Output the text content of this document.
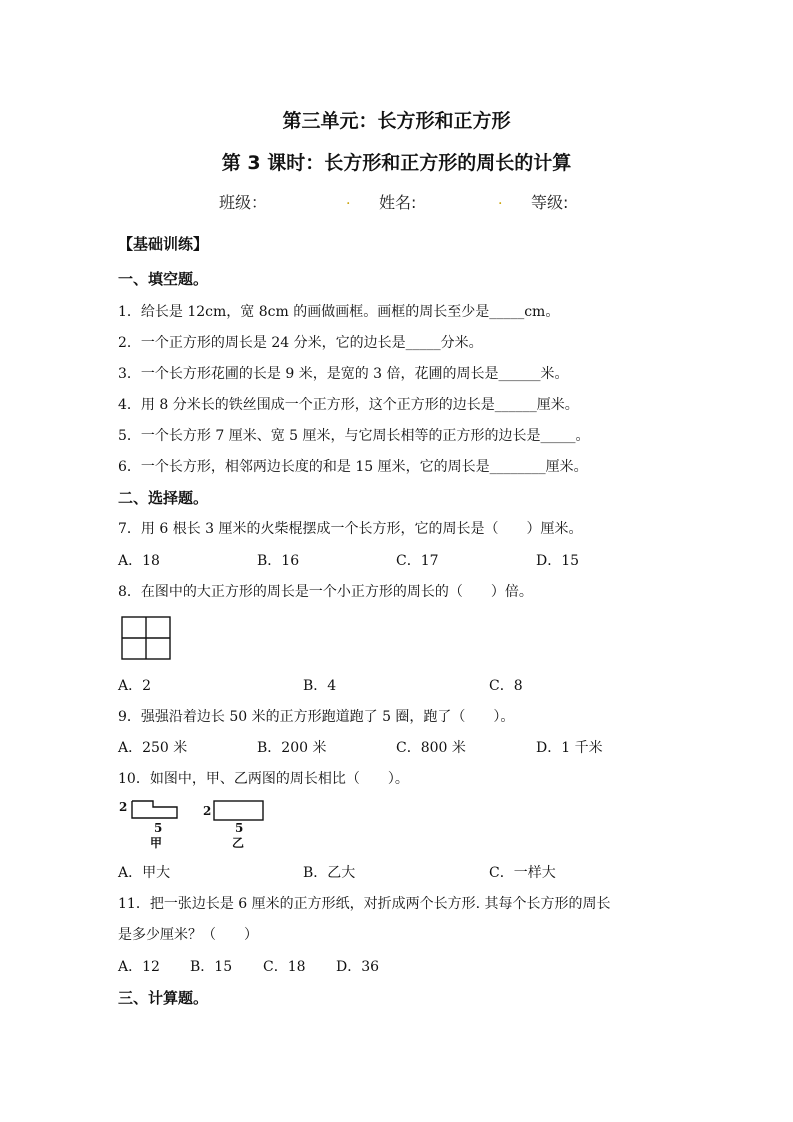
第三单元：长方形和正方形
第 3 课时：长方形和正方形的周长的计算
班级：	. 姓名:	. 等级:
【基础训练】
一、填空题。
1．给长是 12cm，宽 8cm 的画做画框。画框的周长至少是_____cm。
2．一个正方形的周长是 24 分米，它的边长是_____分米。
3．一个长方形花圃的长是 9 米，是宽的 3 倍，花圃的周长是______米。
4．用 8 分米长的铁丝围成一个正方形，这个正方形的边长是______厘米。
5．一个长方形 7 厘米、宽 5 厘米，与它周长相等的正方形的边长是_____。
6．一个长方形，相邻两边长度的和是 15 厘米，它的周长是________厘米。
二、选择题。
7．用 6 根长 3 厘米的火柴棍摆成一个长方形，它的周长是（　　）厘米。
A．18	B．16	C．17	D．15
8．在图中的大正方形的周长是一个小正方形的周长的（　　）倍。
A．2	B．4	C．8
9．强强沿着边长 50 米的正方形跑道跑了 5 圈，跑了（　　）。
A．250 米	B．200 米	C．800 米	D．1 千米
10．如图中，甲、乙两图的周长相比（　　）。
2
5
甲
2
5
乙
A．甲大	B．乙大	C．一样大
11．把一张边长是 6 厘米的正方形纸，对折成两个长方形. 其每个长方形的周长
是多少厘米？（　　）
A．12 B．15 C．18 D．36
三、计算题。
